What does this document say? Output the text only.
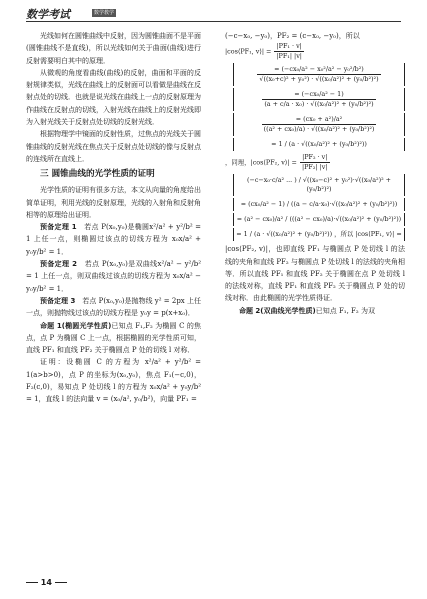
数学考试	数学教学

光线如何在圆锥曲线中反射，因为圆锥曲面不是平面(圆锥曲线不是直线)，所以光线如何关于曲面(曲线)进行反射需要明白其中的原理．

从微观的角度看曲线(曲线)的反射，曲面和平面的反射规律类似，光线在曲线上的反射面可以看做是曲线在反射点处的切线．也就是说光线在曲线上一点的反射原理为作曲线在反射点的切线，入射光线在曲线上的反射光线即为入射光线关于反射点处切线的反射光线．

根据物理学中镜面的反射性质，过焦点的光线关于圆锥曲线的反射光线在焦点关于反射点处切线的像与反射点的连线所在直线上．

三 圆锥曲线的光学性质的证明

光学性质的证明有很多方法，本文从向量的角度给出简单证明，利用光线的反射原理，光线的入射角和反射角相等的原理给出证明．

预备定理 1　 若点 P(x₀,y₀)是椭圆x²/a² + y²/b² = 1 上任一点，则椭圆过该点的切线方程为 x₀x/a² + y₀y/b² = 1．

预备定理 2　 若点 P(x₀,y₀)是双曲线x²/a² − y²/b² = 1 上任一点，则双曲线过该点的切线方程为 x₀x/a² − y₀y/b² = 1．

预备定理 3　 若点 P(x₀,y₀)是抛物线 y² = 2px 上任一点，则抛物线过该点的切线方程是 y₀y = p(x+x₀)．

命题 1(椭圆光学性质)已知点 F₁,F₂ 为椭圆 C 的焦点，点 P 为椭圆 C 上一点，根据椭圆的光学性质可知，直线 PF₁ 和直线 PF₂ 关于椭圆点 P 处的切线 l 对称．

证明：设椭圆 C 的方程为 x²/a² + y²/b² = 1(a>b>0)，点 P 的坐标为(x₀,y₀)，焦点 F₁(−c,0)，F₂(c,0)，易知点 P 处切线 l 的方程为 x₀x/a² + y₀y/b² = 1，直线 l 的法向量 v = (x₀/a², y₀/b²)，向量 PF₁ =

(−c−x₀, −y₀)，PF₂ = (c−x₀, −y₀)，所以

|cos⟨PF₁, v⟩| = $\frac{\text{|PF₁ · v|}}{\text{|PF₁| |v|}}$
$\frac{\text{= (−cx₀/a² − x₀²/a² − y₀²/b²)}}{\text{√((x₀+c)² + y₀²) · √((x₀/a²)² + (y₀/b²)²)}}$
$\frac{\text{= (−cx₀/a² − 1)}}{\text{(a + c/a · x₀) · √((x₀/a²)² + (y₀/b²)²)}}$
$\frac{\text{= (cx₀ + a²)/a²}}{\text{((a² + cx₀)/a) · √((x₀/a²)² + (y₀/b²)²)}}$
= 1 / (a · √((x₀/a²)² + (y₀/b²)²))
，同理，|cos⟨PF₂, v⟩| = $\frac{\text{|PF₂ · v|}}{\text{|PF₂| |v|}}$
(−c−x₀·c/a² ... ) / √((x₀−c)² + y₀²)·√((x₀/a²)² + (y₀/b²)²)
= (cx₀/a² − 1) / ((a − c/a·x₀)·√((x₀/a²)² + (y₀/b²)²))
= (a² − cx₀)/a² / (((a² − cx₀)/a)·√((x₀/a²)² + (y₀/b²)²))
= 1 / (a · √((x₀/a²)² + (y₀/b²)²)) ，所以 |cos⟨PF₁, v⟩| =

|cos⟨PF₂, v⟩|，也即直线 PF₁ 与椭圆点 P 处切线 l 的法线的夹角和直线 PF₂ 与椭圆点 P 处切线 l 的法线的夹角相等．所以直线 PF₁ 和直线 PF₂ 关于椭圆在点 P 处切线 l 的法线对称，直线 PF₁ 和直线 PF₂ 关于椭圆点 P 处的切线对称．由此椭圆的光学性质得证．

命题 2(双曲线光学性质)已知点 F₁, F₂ 为双

14
